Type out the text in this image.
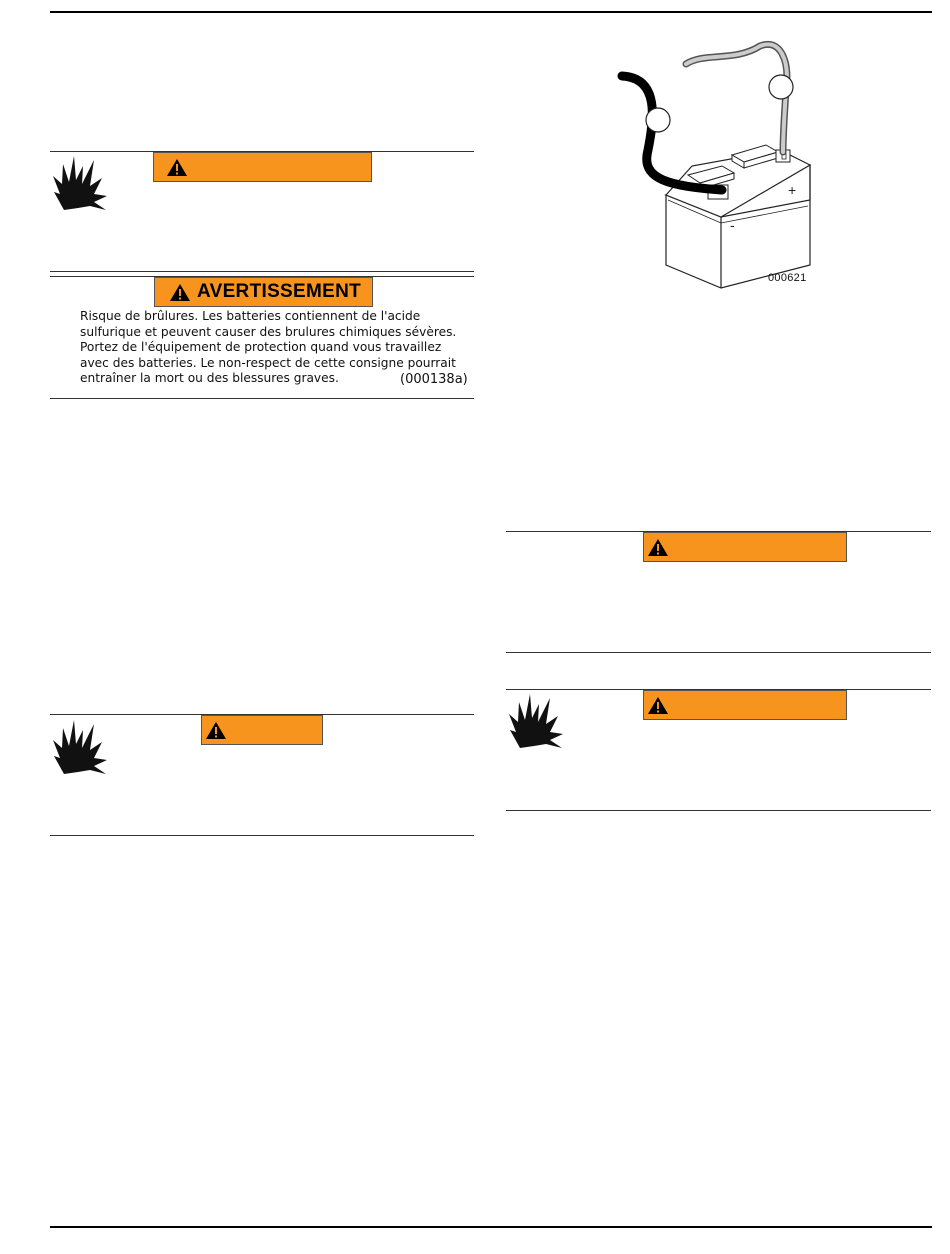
AVERTISSEMENT
Risque de brûlures. Les batteries contiennent de l'acide
sulfurique et peuvent causer des brulures chimiques sévères.
Portez de l'équipement de protection quand vous travaillez
avec des batteries. Le non-respect de cette consigne pourrait
entraîner la mort ou des blessures graves.	(000138a)
+
-
000621
